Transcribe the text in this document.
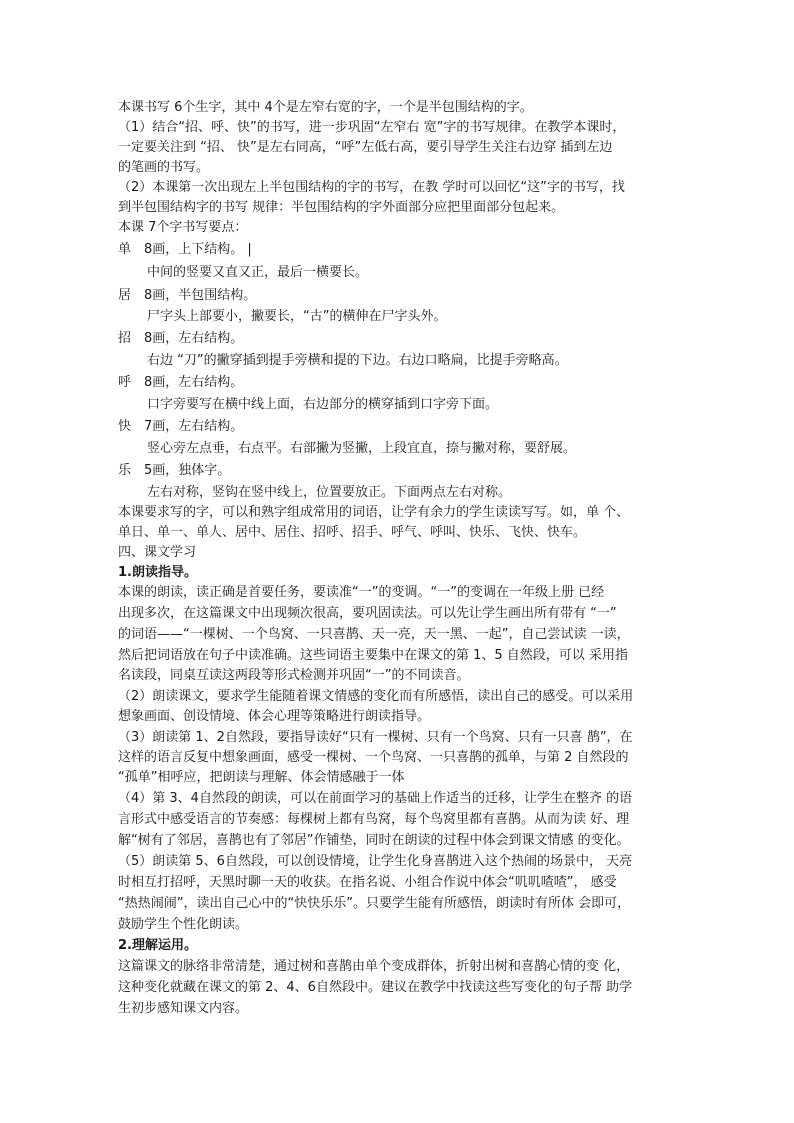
本课书写 6个生字，其中 4个是左窄右宽的字，一个是半包围结构的字。
（1）结合“招、呼、快”的书写，进一步巩固“左窄右 宽”字的书写规律。在教学本课时，
一定要关注到 “招、 快”是左右同高，“呼”左低右高，要引导学生关注右边穿 插到左边
的笔画的书写。
（2）本课第一次出现左上半包围结构的字的书写，在教 学时可以回忆“这”字的书写，找
到半包围结构字的书写 规律：半包围结构的字外面部分应把里面部分包起来。
本课 7个字书写要点：
单　8画，上下结构。 |
中间的竖要又直又正，最后一横要长。
居　8画，半包围结构。
尸字头上部要小，撇要长，“古”的横伸在尸字头外。
招　8画，左右结构。
右边 “刀”的撇穿插到提手旁横和提的下边。右边口略扁，比提手旁略高。
呼　8画，左右结构。
口字旁要写在横中线上面，右边部分的横穿插到口字旁下面。
快　7画，左右结构。
竖心旁左点垂，右点平。右部撇为竖撇，上段宜直，捺与撇对称，要舒展。
乐　5画，独体字。
左右对称，竖钩在竖中线上，位置要放正。下面两点左右对称。
本课要求写的字，可以和熟字组成常用的词语，让学有余力的学生读读写写。如，单 个、
单日、单一、单人、居中、居住、招呼、招手、呼气、呼叫、快乐、飞快、快车。
四、课文学习
1.朗读指导。
本课的朗读，读正确是首要任务，要读准“一”的变调。“一”的变调在一年级上册 已经
出现多次，在这篇课文中出现频次很高，要巩固读法。可以先让学生画出所有带有 “一”
的词语——“一棵树、一个鸟窝、一只喜鹊、天一亮，天一黑、一起”，自己尝试读 一读，
然后把词语放在句子中读准确。这些词语主要集中在课文的第 1、5 自然段，可以 采用指
名读段，同桌互读这两段等形式检测并巩固“一”的不同读音。
（2）朗读课文，要求学生能随着课文情感的变化而有所感悟，读出自己的感受。可以采用
想象画面、创设情境、体会心理等策略进行朗读指导。
（3）朗读第 1、2自然段，要指导读好“只有一棵树、只有一个鸟窝、只有一只喜 鹊”，在
这样的语言反复中想象画面，感受一棵树、一个鸟窝、一只喜鹊的孤单，与第 2 自然段的
“孤单”相呼应，把朗读与理解、体会情感融于一体
（4）第 3、4自然段的朗读，可以在前面学习的基础上作适当的迁移，让学生在整齐 的语
言形式中感受语言的节奏感：每棵树上都有鸟窝，每个鸟窝里都有喜鹊。从而为读 好、理
解“树有了邻居，喜鹊也有了邻居”作铺垫，同时在朗读的过程中体会到课文情感 的变化。
（5）朗读第 5、6自然段，可以创设情境，让学生化身喜鹊进入这个热闹的场景中， 天亮
时相互打招呼，天黑时聊一天的收获。在指名说、小组合作说中体会“叽叽喳喳”， 感受
“热热闹闹”，读出自己心中的“快快乐乐”。只要学生能有所感悟，朗读时有所体 会即可，
鼓励学生个性化朗读。
2.理解运用。
这篇课文的脉络非常清楚，通过树和喜鹊由单个变成群体，折射出树和喜鹊心情的变 化，
这种变化就藏在课文的第 2、4、6自然段中。建议在教学中找读这些写变化的句子帮 助学
生初步感知课文内容。
